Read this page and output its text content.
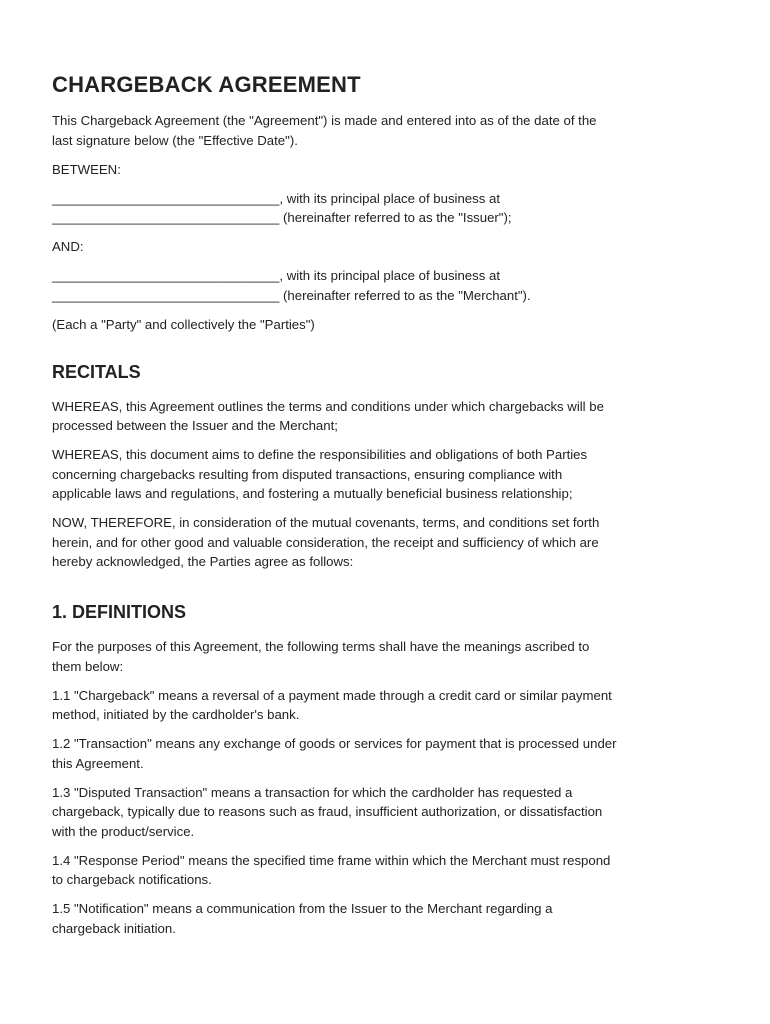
CHARGEBACK AGREEMENT

This Chargeback Agreement (the "Agreement") is made and entered into as of the date of the
last signature below (the "Effective Date").

BETWEEN:

_______________________________, with its principal place of business at
_______________________________ (hereinafter referred to as the "Issuer");

AND:

_______________________________, with its principal place of business at
_______________________________ (hereinafter referred to as the "Merchant").

(Each a "Party" and collectively the "Parties")

RECITALS

WHEREAS, this Agreement outlines the terms and conditions under which chargebacks will be
processed between the Issuer and the Merchant;

WHEREAS, this document aims to define the responsibilities and obligations of both Parties
concerning chargebacks resulting from disputed transactions, ensuring compliance with
applicable laws and regulations, and fostering a mutually beneficial business relationship;

NOW, THEREFORE, in consideration of the mutual covenants, terms, and conditions set forth
herein, and for other good and valuable consideration, the receipt and sufficiency of which are
hereby acknowledged, the Parties agree as follows:

1. DEFINITIONS

For the purposes of this Agreement, the following terms shall have the meanings ascribed to
them below:

1.1 "Chargeback" means a reversal of a payment made through a credit card or similar payment
method, initiated by the cardholder's bank.

1.2 "Transaction" means any exchange of goods or services for payment that is processed under
this Agreement.

1.3 "Disputed Transaction" means a transaction for which the cardholder has requested a
chargeback, typically due to reasons such as fraud, insufficient authorization, or dissatisfaction
with the product/service.

1.4 "Response Period" means the specified time frame within which the Merchant must respond
to chargeback notifications.

1.5 "Notification" means a communication from the Issuer to the Merchant regarding a
chargeback initiation.
